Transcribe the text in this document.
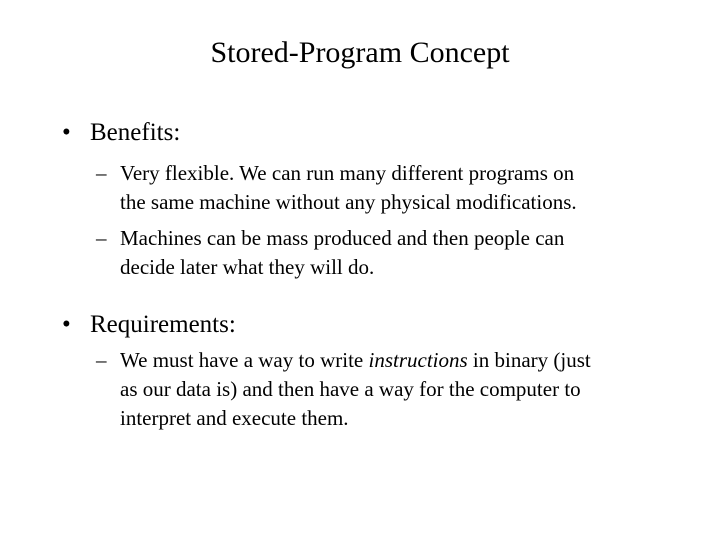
Stored-Program Concept
• Benefits:
– Very flexible. We can run many different programs on
the same machine without any physical modifications.
– Machines can be mass produced and then people can
decide later what they will do.
• Requirements:
– We must have a way to write instructions in binary (just
as our data is) and then have a way for the computer to
interpret and execute them.
